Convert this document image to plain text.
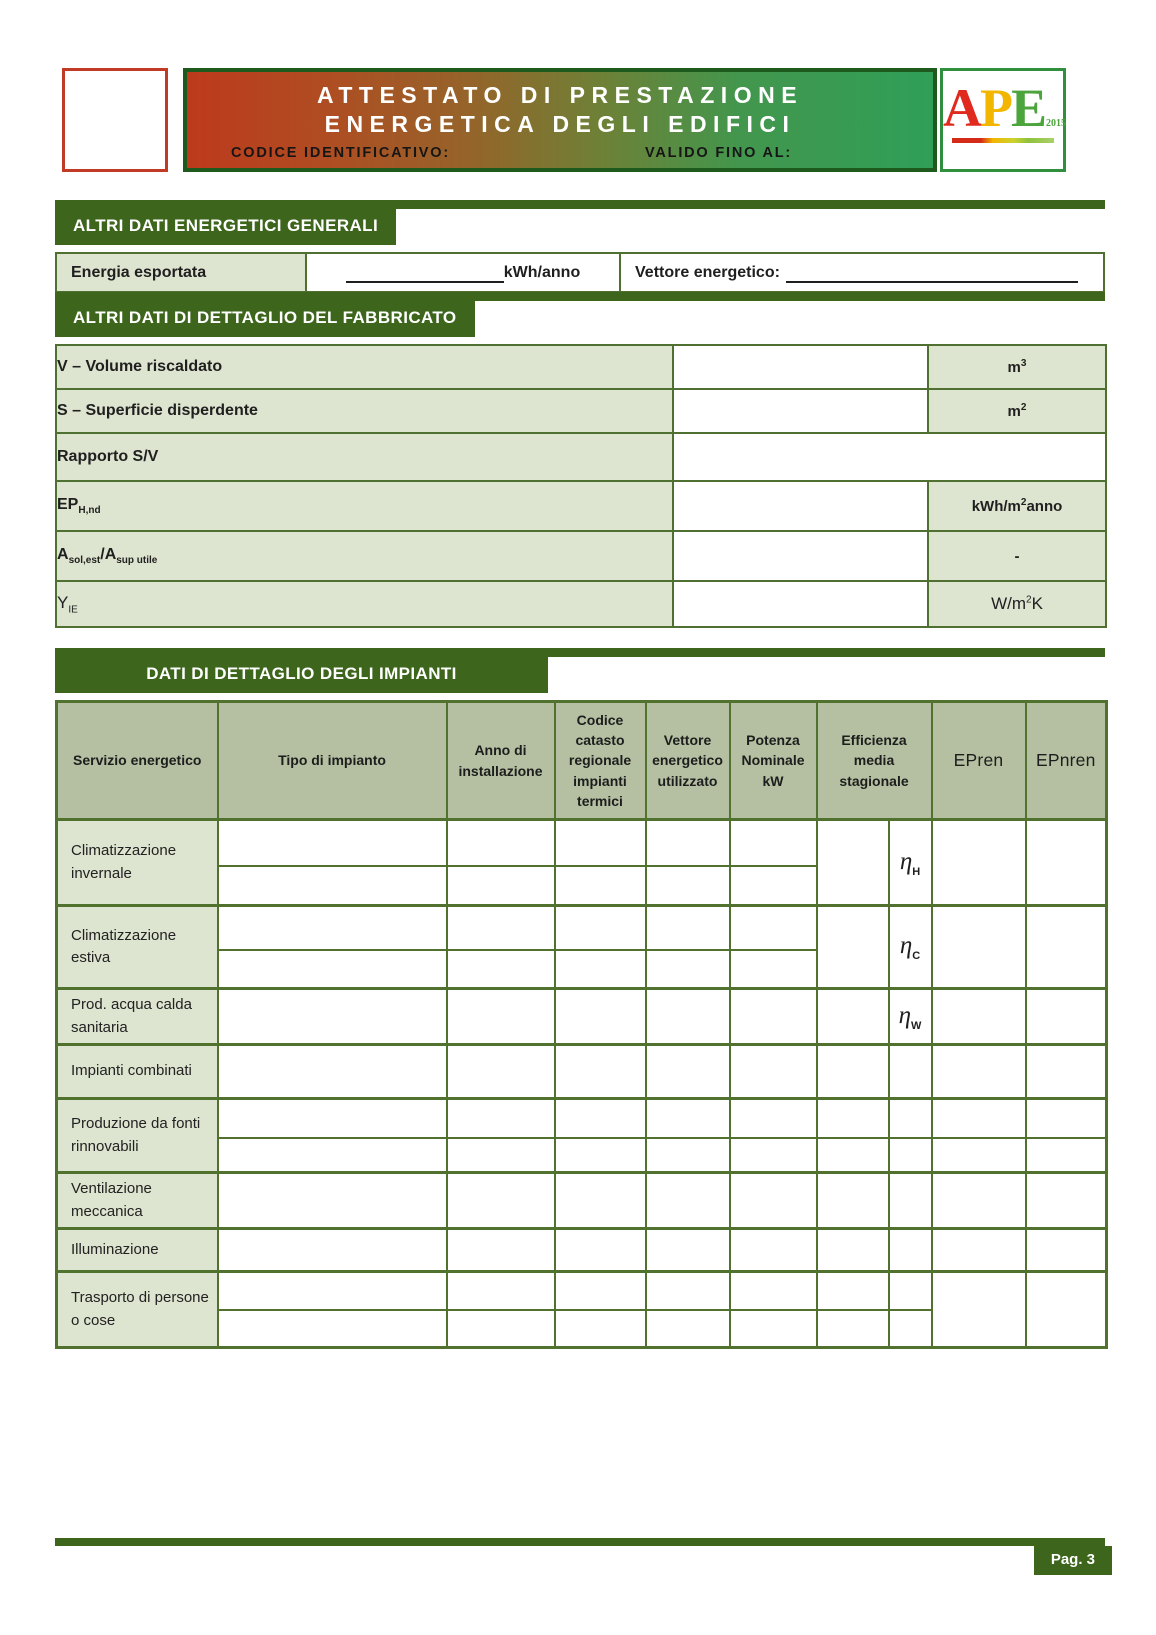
ATTESTATO DI PRESTAZIONE
ENERGETICA DEGLI EDIFICI
CODICE IDENTIFICATIVO:	VALIDO FINO AL:
APE2015
ALTRI DATI ENERGETICI GENERALI
Energia esportata	kWh/anno	Vettore energetico:
ALTRI DATI DI DETTAGLIO DEL FABBRICATO
V – Volume riscaldato		$m^3$
S – Superficie disperdente		$m^2$
Rapporto S/V		
$EP_{H,nd}$		kWh/$m^2anno$
$A_{sol,est}/A_{sup utile}$		-
$Y_{IE}$		$W/m^2K$
DATI DI DETTAGLIO DEGLI IMPIANTI
Servizio energetico	Tipo di impianto	Anno di installazione	Codice catasto regionale impianti termici	Vettore energetico utilizzato	Potenza Nominale kW	Efficienza media stagionale		EPren	EPnren
Climatizzazione invernale							$\eta_H$		

Climatizzazione estiva							$\eta_C$		

Prod. acqua calda sanitaria							$\eta_W$		
Impianti combinati									
Produzione da fonti rinnovabili									

Ventilazione meccanica									
Illuminazione									
Trasporto di persone o cose									

Pag. 3
